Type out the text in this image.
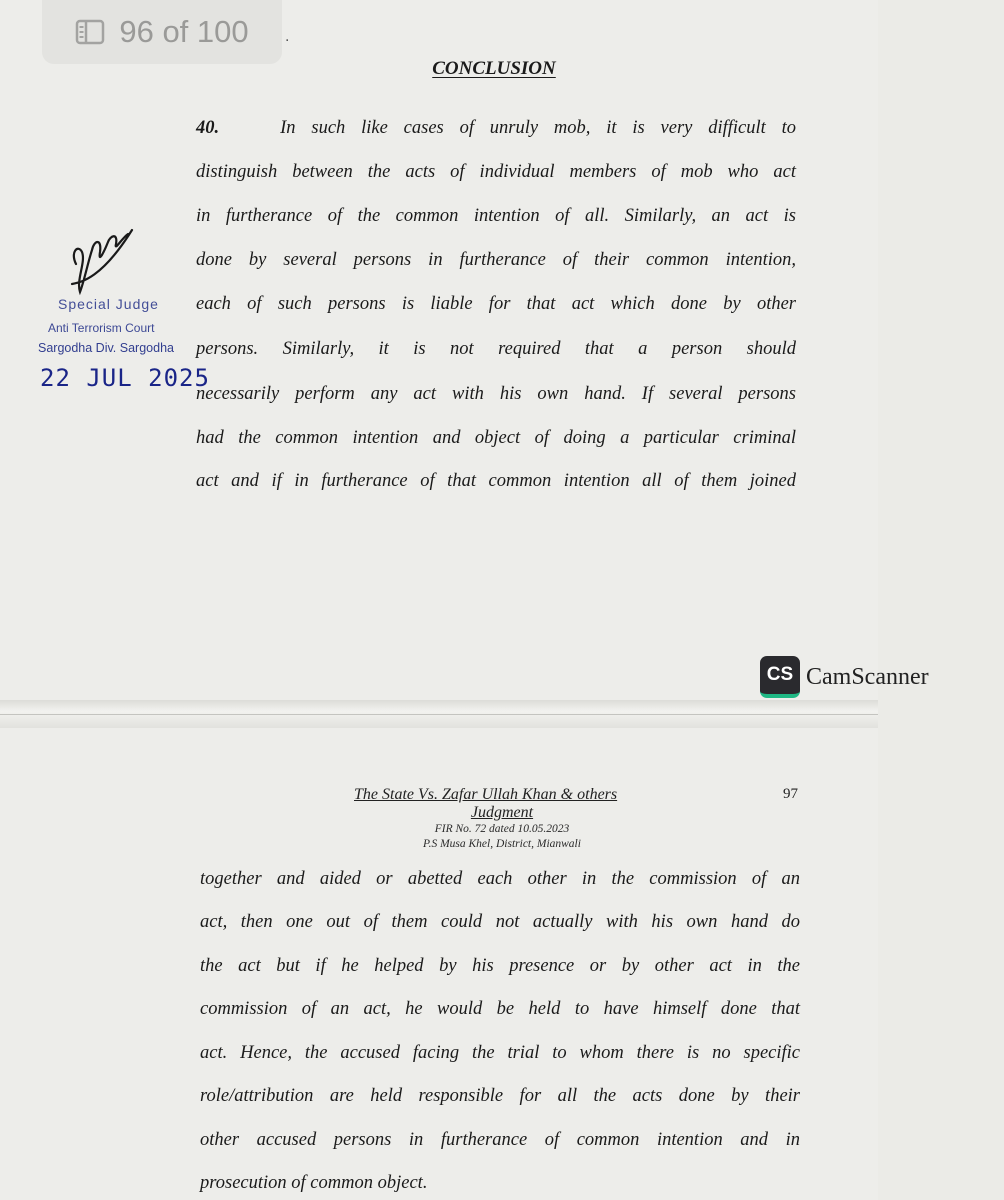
96 of 100 .
CONCLUSION
40.	In such like cases of unruly mob, it is very difficult to
distinguish between the acts of individual members of mob who act
in furtherance of the common intention of all. Similarly, an act is
done by several persons in furtherance of their common intention,
each of such persons is liable for that act which done by other
persons. Similarly, it is not required that a person should
necessarily perform any act with his own hand. If several persons
had the common intention and object of doing a particular criminal
act and if in furtherance of that common intention all of them joined
Special Judge
Anti Terrorism Court
Sargodha Div. Sargodha
22 JUL 2025
CS CamScanner
The State Vs. Zafar Ullah Khan & others	97
Judgment
FIR No. 72 dated 10.05.2023
P.S Musa Khel, District, Mianwali
together and aided or abetted each other in the commission of an
act, then one out of them could not actually with his own hand do
the act but if he helped by his presence or by other act in the
commission of an act, he would be held to have himself done that
act. Hence, the accused facing the trial to whom there is no specific
role/attribution are held responsible for all the acts done by their
other accused persons in furtherance of common intention and in
prosecution of common object.
